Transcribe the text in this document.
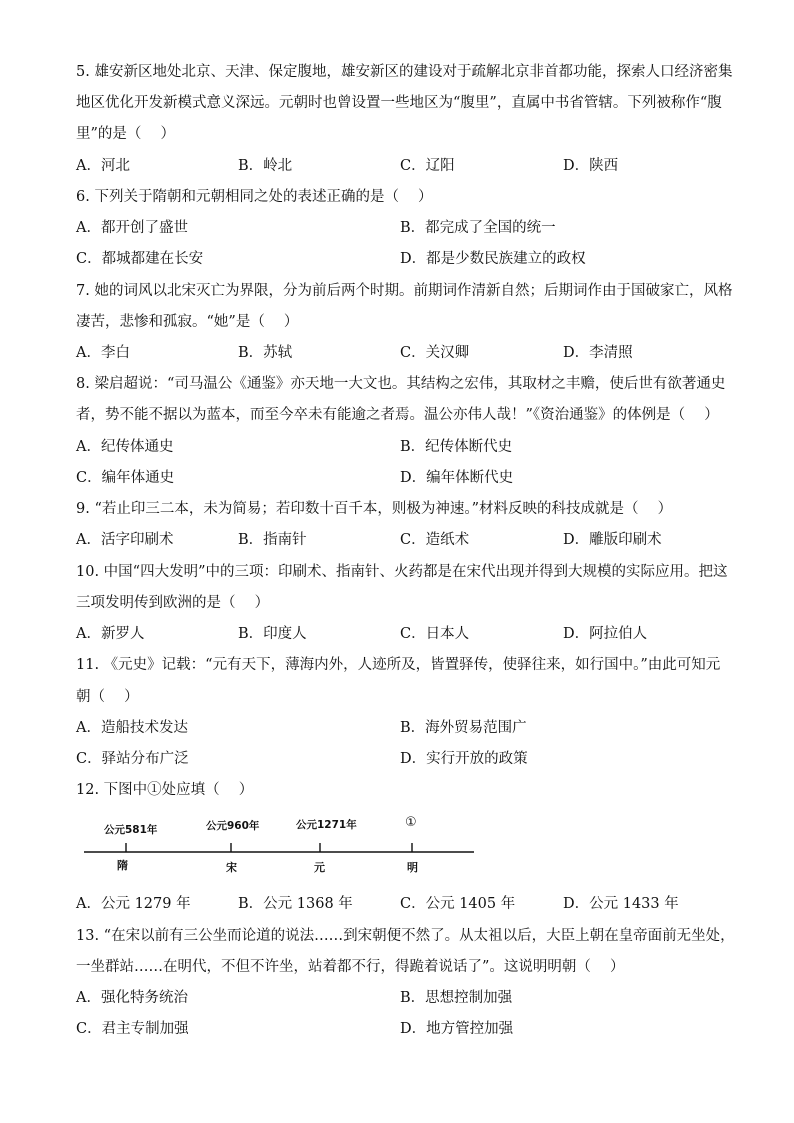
5. 雄安新区地处北京、天津、保定腹地，雄安新区的建设对于疏解北京非首都功能，探索人口经济密集
地区优化开发新模式意义深远。元朝时也曾设置一些地区为“腹里”，直属中书省管辖。下列被称作“腹
里”的是（　 ）
A．河北	B．岭北	C．辽阳	D．陕西
6. 下列关于隋朝和元朝相同之处的表述正确的是（　 ）
A．都开创了盛世	B．都完成了全国的统一
C．都城都建在长安	D．都是少数民族建立的政权
7. 她的词风以北宋灭亡为界限，分为前后两个时期。前期词作清新自然；后期词作由于国破家亡，风格
凄苦，悲惨和孤寂。“她”是（　 ）
A．李白	B．苏轼	C．关汉卿	D．李清照
8. 梁启超说：“司马温公《通鉴》亦天地一大文也。其结构之宏伟，其取材之丰赡，使后世有欲著通史
者，势不能不据以为蓝本，而至今卒未有能逾之者焉。温公亦伟人哉！”《资治通鉴》的体例是（　 ）
A．纪传体通史	B．纪传体断代史
C．编年体通史	D．编年体断代史
9. “若止印三二本，未为简易；若印数十百千本，则极为神速。”材料反映的科技成就是（　 ）
A．活字印刷术	B．指南针	C．造纸术	D．雕版印刷术
10. 中国“四大发明”中的三项：印刷术、指南针、火药都是在宋代出现并得到大规模的实际应用。把这
三项发明传到欧洲的是（　 ）
A．新罗人	B．印度人	C．日本人	D．阿拉伯人
11. 《元史》记载：“元有天下，薄海内外，人迹所及，皆置驿传，使驿往来，如行国中。”由此可知元
朝（　 ）
A．造船技术发达	B．海外贸易范围广
C．驿站分布广泛	D．实行开放的政策
12. 下图中①处应填（　 ）
公元581年	公元960年	公元1271年	①
隋	宋	元	明
A．公元 1279 年	B．公元 1368 年	C．公元 1405 年	D．公元 1433 年
13. “在宋以前有三公坐而论道的说法……到宋朝便不然了。从太祖以后，大臣上朝在皇帝面前无坐处，
一坐群站……在明代，不但不许坐，站着都不行，得跪着说话了”。这说明明朝（　 ）
A．强化特务统治	B．思想控制加强
C．君主专制加强	D．地方管控加强
